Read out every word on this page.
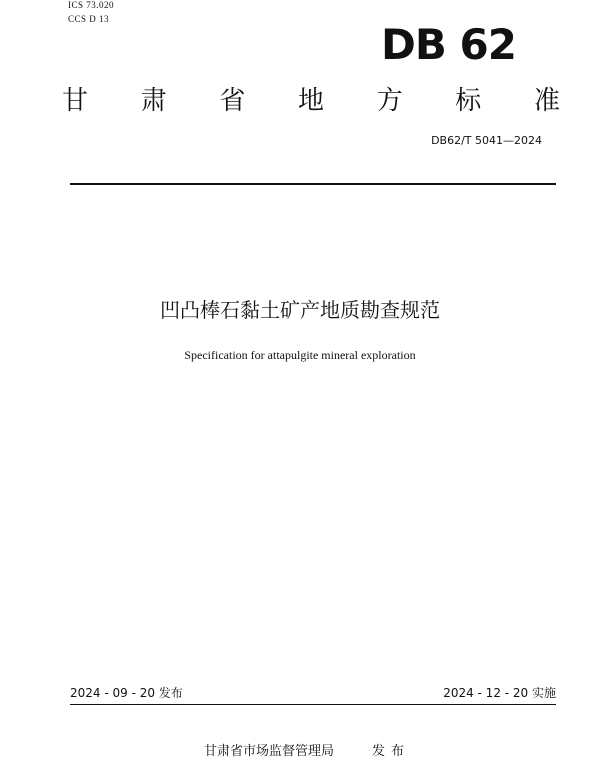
ICS 73.020
CCS D 13
DB 62
甘 肃 省 地 方 标 准
DB62/T 5041—2024
凹凸棒石黏土矿产地质勘查规范
Specification for attapulgite mineral exploration
2024 - 09 - 20 发布	2024 - 12 - 20 实施
甘肃省市场监督管理局	发布
